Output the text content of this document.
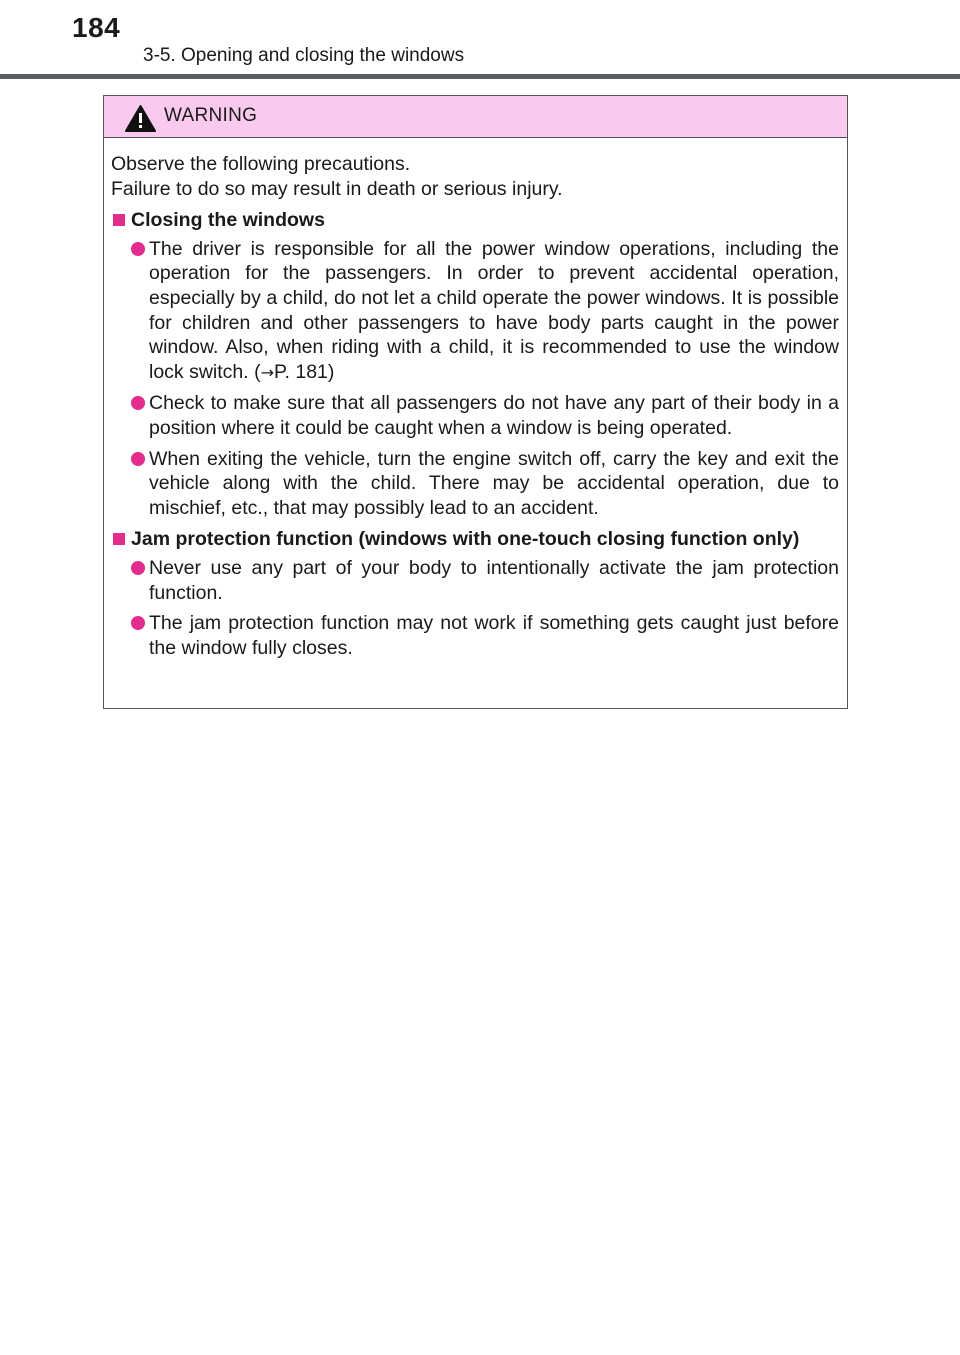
184
3-5. Opening and closing the windows
WARNING

Observe the following precautions.

Failure to do so may result in death or serious injury.

Closing the windows
The driver is responsible for all the power window operations, including the operation for the passengers. In order to prevent accidental operation, especially by a child, do not let a child operate the power windows. It is possible for children and other passengers to have body parts caught in the power window. Also, when riding with a child, it is recommended to use the window lock switch. (→P. 181)
Check to make sure that all passengers do not have any part of their body in a position where it could be caught when a window is being operated.
When exiting the vehicle, turn the engine switch off, carry the key and exit the vehicle along with the child. There may be accidental operation, due to mischief, etc., that may possibly lead to an accident.
Jam protection function (windows with one-touch closing function only)
Never use any part of your body to intentionally activate the jam protection function.
The jam protection function may not work if something gets caught just before the window fully closes.
